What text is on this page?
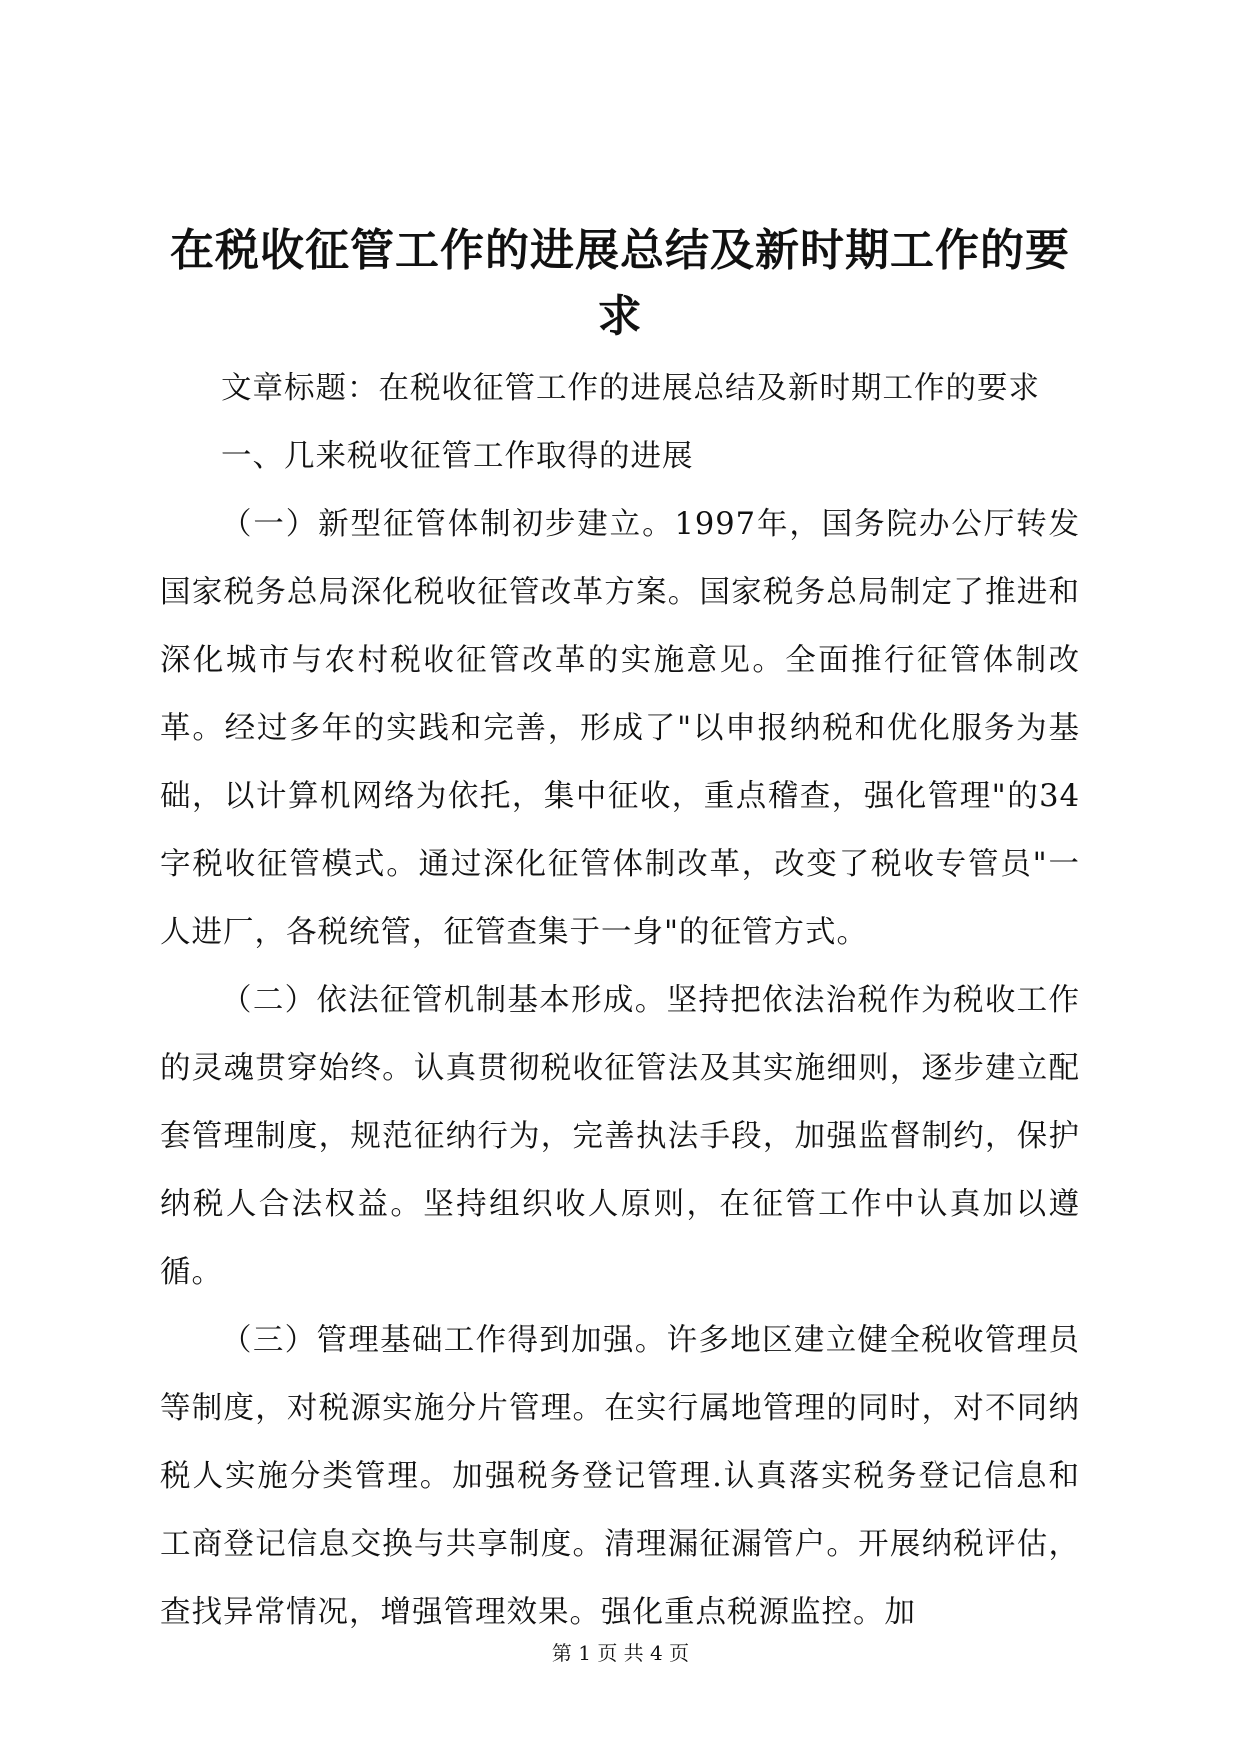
在税收征管工作的进展总结及新时期工作的要求

文章标题：在税收征管工作的进展总结及新时期工作的要求

一、几来税收征管工作取得的进展

（一）新型征管体制初步建立。1997年，国务院办公厅转发国家税务总局深化税收征管改革方案。国家税务总局制定了推进和深化城市与农村税收征管改革的实施意见。全面推行征管体制改革。经过多年的实践和完善，形成了"以申报纳税和优化服务为基础，以计算机网络为依托，集中征收，重点稽查，强化管理"的34字税收征管模式。通过深化征管体制改革，改变了税收专管员"一人进厂，各税统管，征管查集于一身"的征管方式。

（二）依法征管机制基本形成。坚持把依法治税作为税收工作的灵魂贯穿始终。认真贯彻税收征管法及其实施细则，逐步建立配套管理制度，规范征纳行为，完善执法手段，加强监督制约，保护纳税人合法权益。坚持组织收人原则，在征管工作中认真加以遵循。

（三）管理基础工作得到加强。许多地区建立健全税收管理员等制度，对税源实施分片管理。在实行属地管理的同时，对不同纳税人实施分类管理。加强税务登记管理.认真落实税务登记信息和工商登记信息交换与共享制度。清理漏征漏管户。开展纳税评估，查找异常情况，增强管理效果。强化重点税源监控。加

第 1 页 共 4 页
